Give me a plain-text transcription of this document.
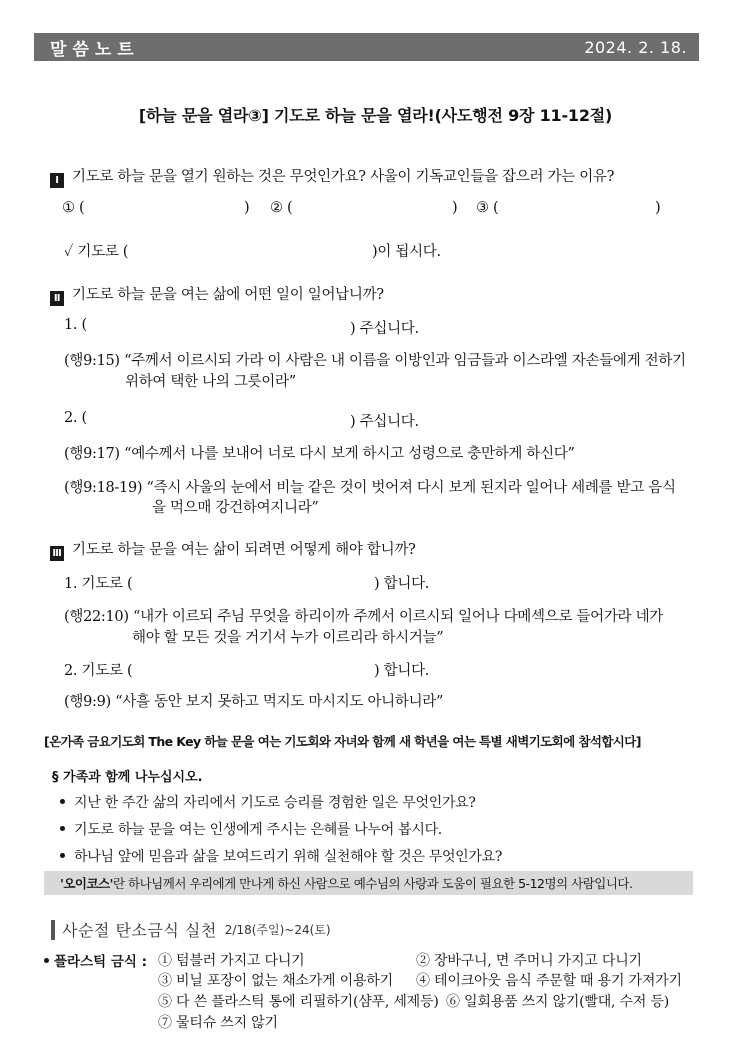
말씀노트	2024. 2. 18.
[하늘 문을 열라③] 기도로 하늘 문을 열라!(사도행전 9장 11-12절)
Ⅰ 기도로 하늘 문을 열기 원하는 것은 무엇인가요? 사울이 기독교인들을 잡으러 가는 이유?
① (	) ② (	) ③ (	)
✓ 기도로 (	)이 됩시다.
Ⅱ 기도로 하늘 문을 여는 삶에 어떤 일이 일어납니까?
1. (	) 주십니다.
(행9:15) “주께서 이르시되 가라 이 사람은 내 이름을 이방인과 임금들과 이스라엘 자손들에게 전하기
위하여 택한 나의 그릇이라”
2. (	) 주십니다.
(행9:17) “예수께서 나를 보내어 너로 다시 보게 하시고 성령으로 충만하게 하신다”
(행9:18-19) “즉시 사울의 눈에서 비늘 같은 것이 벗어져 다시 보게 된지라 일어나 세례를 받고 음식
을 먹으매 강건하여지니라”
Ⅲ 기도로 하늘 문을 여는 삶이 되려면 어떻게 해야 합니까?
1. 기도로 (	) 합니다.
(행22:10) “내가 이르되 주님 무엇을 하리이까 주께서 이르시되 일어나 다메섹으로 들어가라 네가
해야 할 모든 것을 거기서 누가 이르리라 하시거늘”
2. 기도로 (	) 합니다.
(행9:9) “사흘 동안 보지 못하고 먹지도 마시지도 아니하니라”
[온가족 금요기도회 The Key 하늘 문을 여는 기도회와 자녀와 함께 새 학년을 여는 특별 새벽기도회에 참석합시다]
§ 가족과 함께 나누십시오.
지난 한 주간 삶의 자리에서 기도로 승리를 경험한 일은 무엇인가요?
기도로 하늘 문을 여는 인생에게 주시는 은혜를 나누어 봅시다.
하나님 앞에 믿음과 삶을 보여드리기 위해 실천해야 할 것은 무엇인가요?
'오이코스' 란 하나님께서 우리에게 만나게 하신 사람으로 예수님의 사랑과 도움이 필요한 5-12명의 사람입니다.
사순절 탄소금식 실천 2/18(주일)~24(토)
플라스틱 금식 : ① 텀블러 가지고 다니기	② 장바구니, 면 주머니 가지고 다니기
③ 비닐 포장이 없는 채소가게 이용하기 ④ 테이크아웃 음식 주문할 때 용기 가져가기
⑤ 다 쓴 플라스틱 통에 리필하기(샴푸, 세제등) ⑥ 일회용품 쓰지 않기(빨대, 수저 등)
⑦ 물티슈 쓰지 않기
